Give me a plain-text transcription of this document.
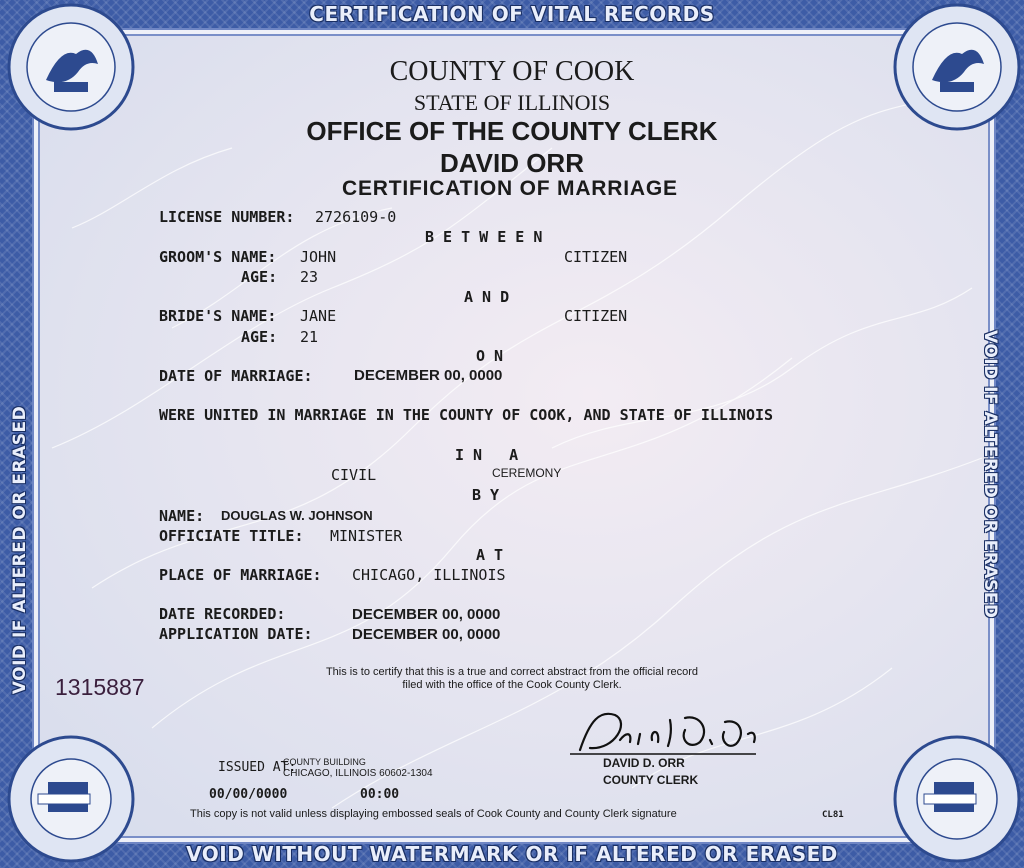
CERTIFICATION OF VITAL RECORDS
VOID WITHOUT WATERMARK OR IF ALTERED OR ERASED
VOID IF ALTERED OR ERASED	VOID IF ALTERED OR ERASED
COUNTY OF COOK
STATE OF ILLINOIS
OFFICE OF THE COUNTY CLERK
DAVID ORR
CERTIFICATION OF MARRIAGE
LICENSE NUMBER: 2726109-0
B E T W E E N
GROOM'S NAME: JOHN	CITIZEN
AGE: 23
A N D
BRIDE'S NAME: JANE	CITIZEN
AGE: 21
O N
DATE OF MARRIAGE:	DECEMBER 00, 0000
WERE UNITED IN MARRIAGE IN THE COUNTY OF COOK, AND STATE OF ILLINOIS
I N   A
CIVIL	CEREMONY
B Y
NAME: DOUGLAS W. JOHNSON
OFFICIATE TITLE: MINISTER
A T
PLACE OF MARRIAGE: CHICAGO, ILLINOIS
DATE RECORDED:	DECEMBER 00, 0000
APPLICATION DATE:	DECEMBER 00, 0000
This is to certify that this is a true and correct abstract from the official record
filed with the office of the Cook County Clerk.
1315887
DAVID D. ORR
COUNTY CLERK
ISSUED AT:
COUNTY BUILDING
CHICAGO, ILLINOIS 60602-1304
00/00/0000	00:00
This copy is not valid unless displaying embossed seals of Cook County and County Clerk signature	CL81
